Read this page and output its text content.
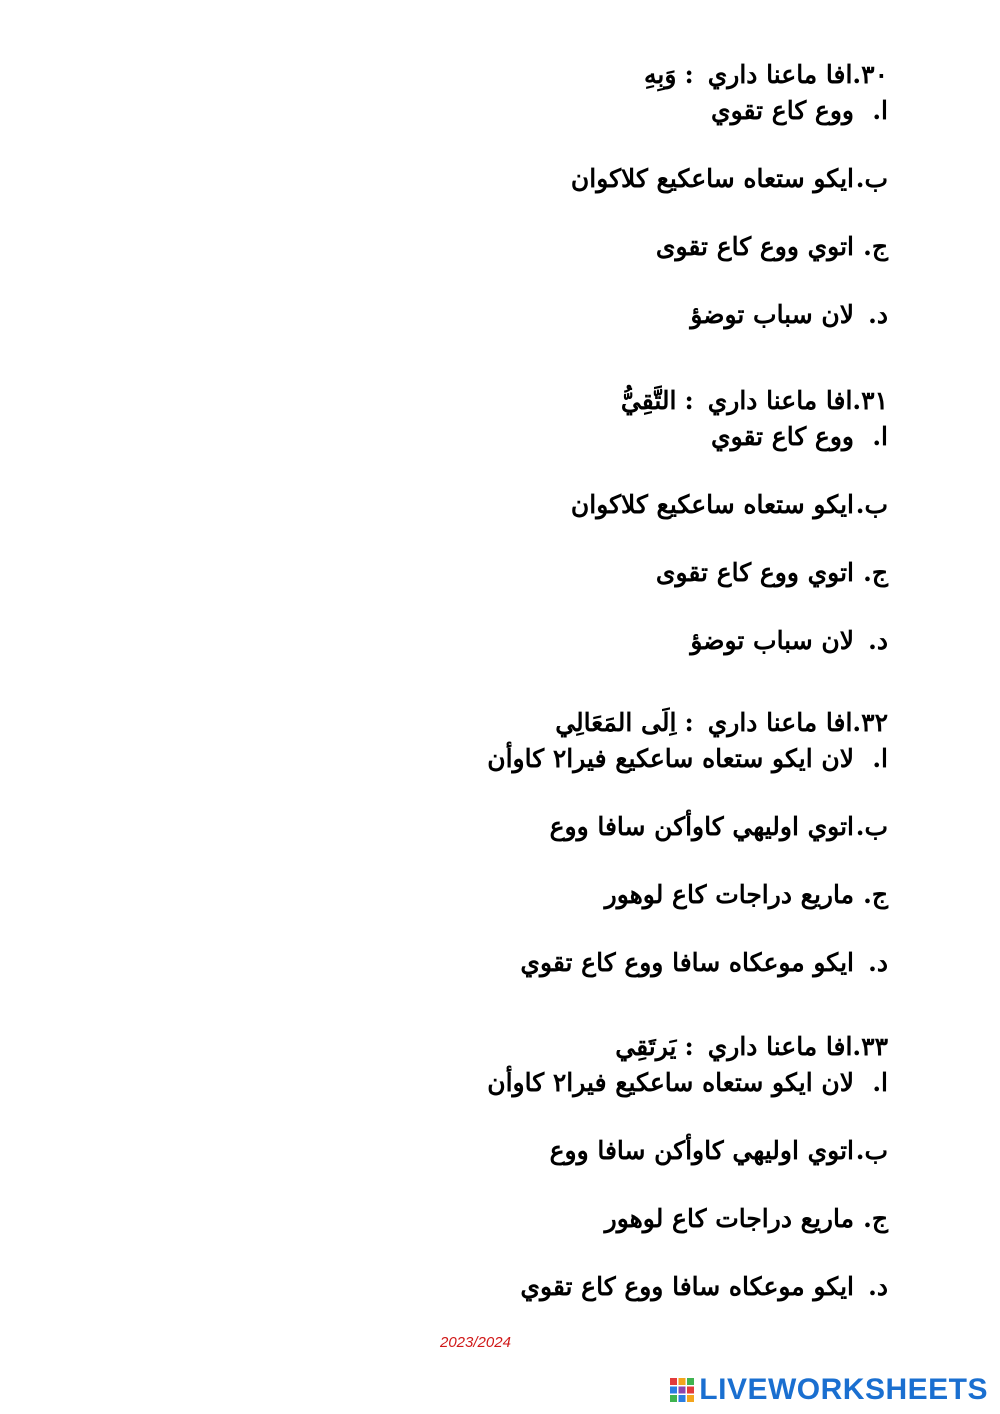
٣٠.
افا ماعنا داري
:
وَبِهِ
ا.
ووع كاع تقوي
ب.
ايكو ستعاه ساعكيع كلاكوان
ج.
اتوي ووع كاع تقوى
د.
لان سباب توضؤ
٣١.
افا ماعنا داري
:
التَّقِيُّ
ا.
ووع كاع تقوي
ب.
ايكو ستعاه ساعكيع كلاكوان
ج.
اتوي ووع كاع تقوى
د.
لان سباب توضؤ
٣٢.
افا ماعنا داري
:
اِلَى المَعَالِي
ا.
لان ايكو ستعاه ساعكيع فيرا٢ كاوأن
ب.
اتوي اوليهي كاوأكن سافا ووع
ج.
ماريع دراجات كاع لوهور
د.
ايكو موعكاه سافا ووع كاع تقوي
٣٣.
افا ماعنا داري
:
يَرتَقِي
ا.
لان ايكو ستعاه ساعكيع فيرا٢ كاوأن
ب.
اتوي اوليهي كاوأكن سافا ووع
ج.
ماريع دراجات كاع لوهور
د.
ايكو موعكاه سافا ووع كاع تقوي
2023/2024
LIVEWORKSHEETS
